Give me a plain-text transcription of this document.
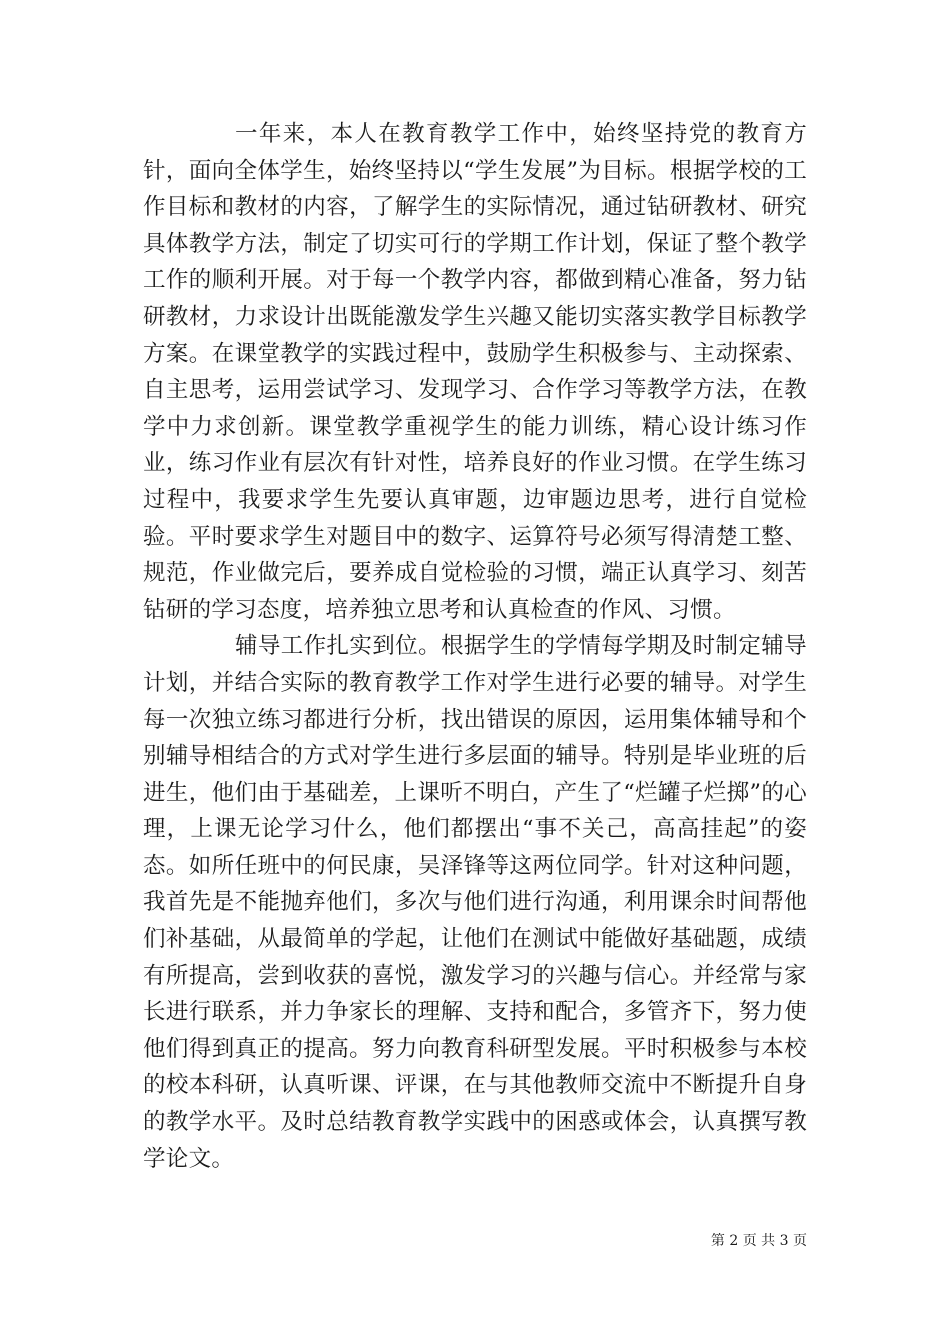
一年来，本人在教育教学工作中，始终坚持党的教育方针，面向全体学生，始终坚持以“学生发展”为目标。根据学校的工作目标和教材的内容，了解学生的实际情况，通过钻研教材、研究具体教学方法，制定了切实可行的学期工作计划，保证了整个教学工作的顺利开展。对于每一个教学内容，都做到精心准备，努力钻研教材，力求设计出既能激发学生兴趣又能切实落实教学目标教学方案。在课堂教学的实践过程中，鼓励学生积极参与、主动探索、自主思考，运用尝试学习、发现学习、合作学习等教学方法，在教学中力求创新。课堂教学重视学生的能力训练，精心设计练习作业，练习作业有层次有针对性，培养良好的作业习惯。在学生练习过程中，我要求学生先要认真审题，边审题边思考，进行自觉检验。平时要求学生对题目中的数字、运算符号必须写得清楚工整、规范，作业做完后，要养成自觉检验的习惯，端正认真学习、刻苦钻研的学习态度，培养独立思考和认真检查的作风、习惯。

辅导工作扎实到位。根据学生的学情每学期及时制定辅导计划，并结合实际的教育教学工作对学生进行必要的辅导。对学生每一次独立练习都进行分析，找出错误的原因，运用集体辅导和个别辅导相结合的方式对学生进行多层面的辅导。特别是毕业班的后进生，他们由于基础差，上课听不明白，产生了“烂罐子烂掷”的心理，上课无论学习什么，他们都摆出“事不关己，高高挂起”的姿态。如所任班中的何民康，吴泽锋等这两位同学。针对这种问题，我首先是不能抛弃他们，多次与他们进行沟通，利用课余时间帮他们补基础，从最简单的学起，让他们在测试中能做好基础题，成绩有所提高，尝到收获的喜悦，激发学习的兴趣与信心。并经常与家长进行联系，并力争家长的理解、支持和配合，多管齐下，努力使他们得到真正的提高。努力向教育科研型发展。平时积极参与本校的校本科研，认真听课、评课，在与其他教师交流中不断提升自身的教学水平。及时总结教育教学实践中的困惑或体会，认真撰写教学论文。

第 2 页 共 3 页
